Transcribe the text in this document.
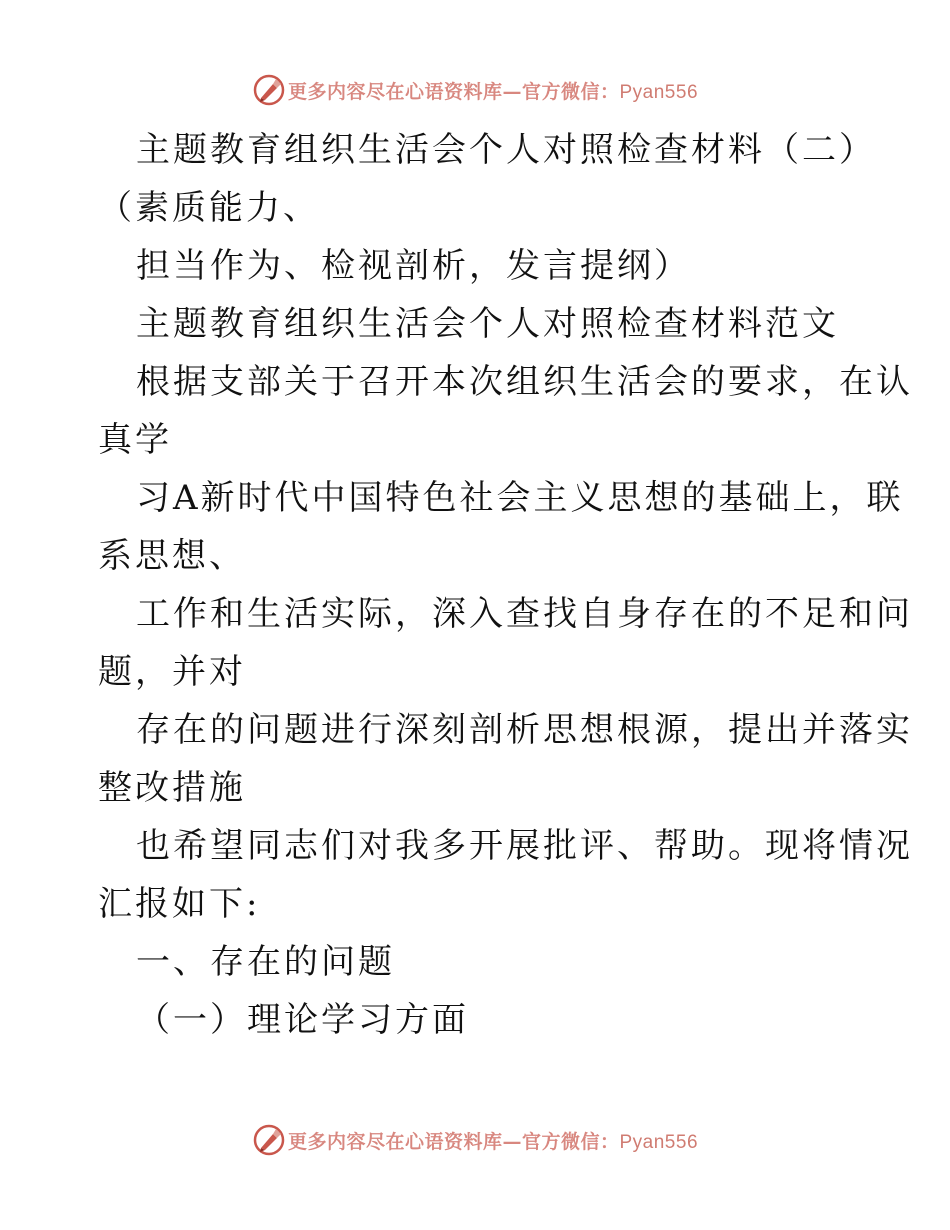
更多内容尽在心语资料库—官方微信：Pyan556
主题教育组织生活会个人对照检查材料（二）
（素质能力、
担当作为、检视剖析，发言提纲）
主题教育组织生活会个人对照检查材料范文
根据支部关于召开本次组织生活会的要求，在认
真学
习A新时代中国特色社会主义思想的基础上，联
系思想、
工作和生活实际，深入查找自身存在的不足和问
题，并对
存在的问题进行深刻剖析思想根源，提出并落实
整改措施
也希望同志们对我多开展批评、帮助。现将情况
汇报如下:
一、存在的问题
（一）理论学习方面
更多内容尽在心语资料库—官方微信：Pyan556
